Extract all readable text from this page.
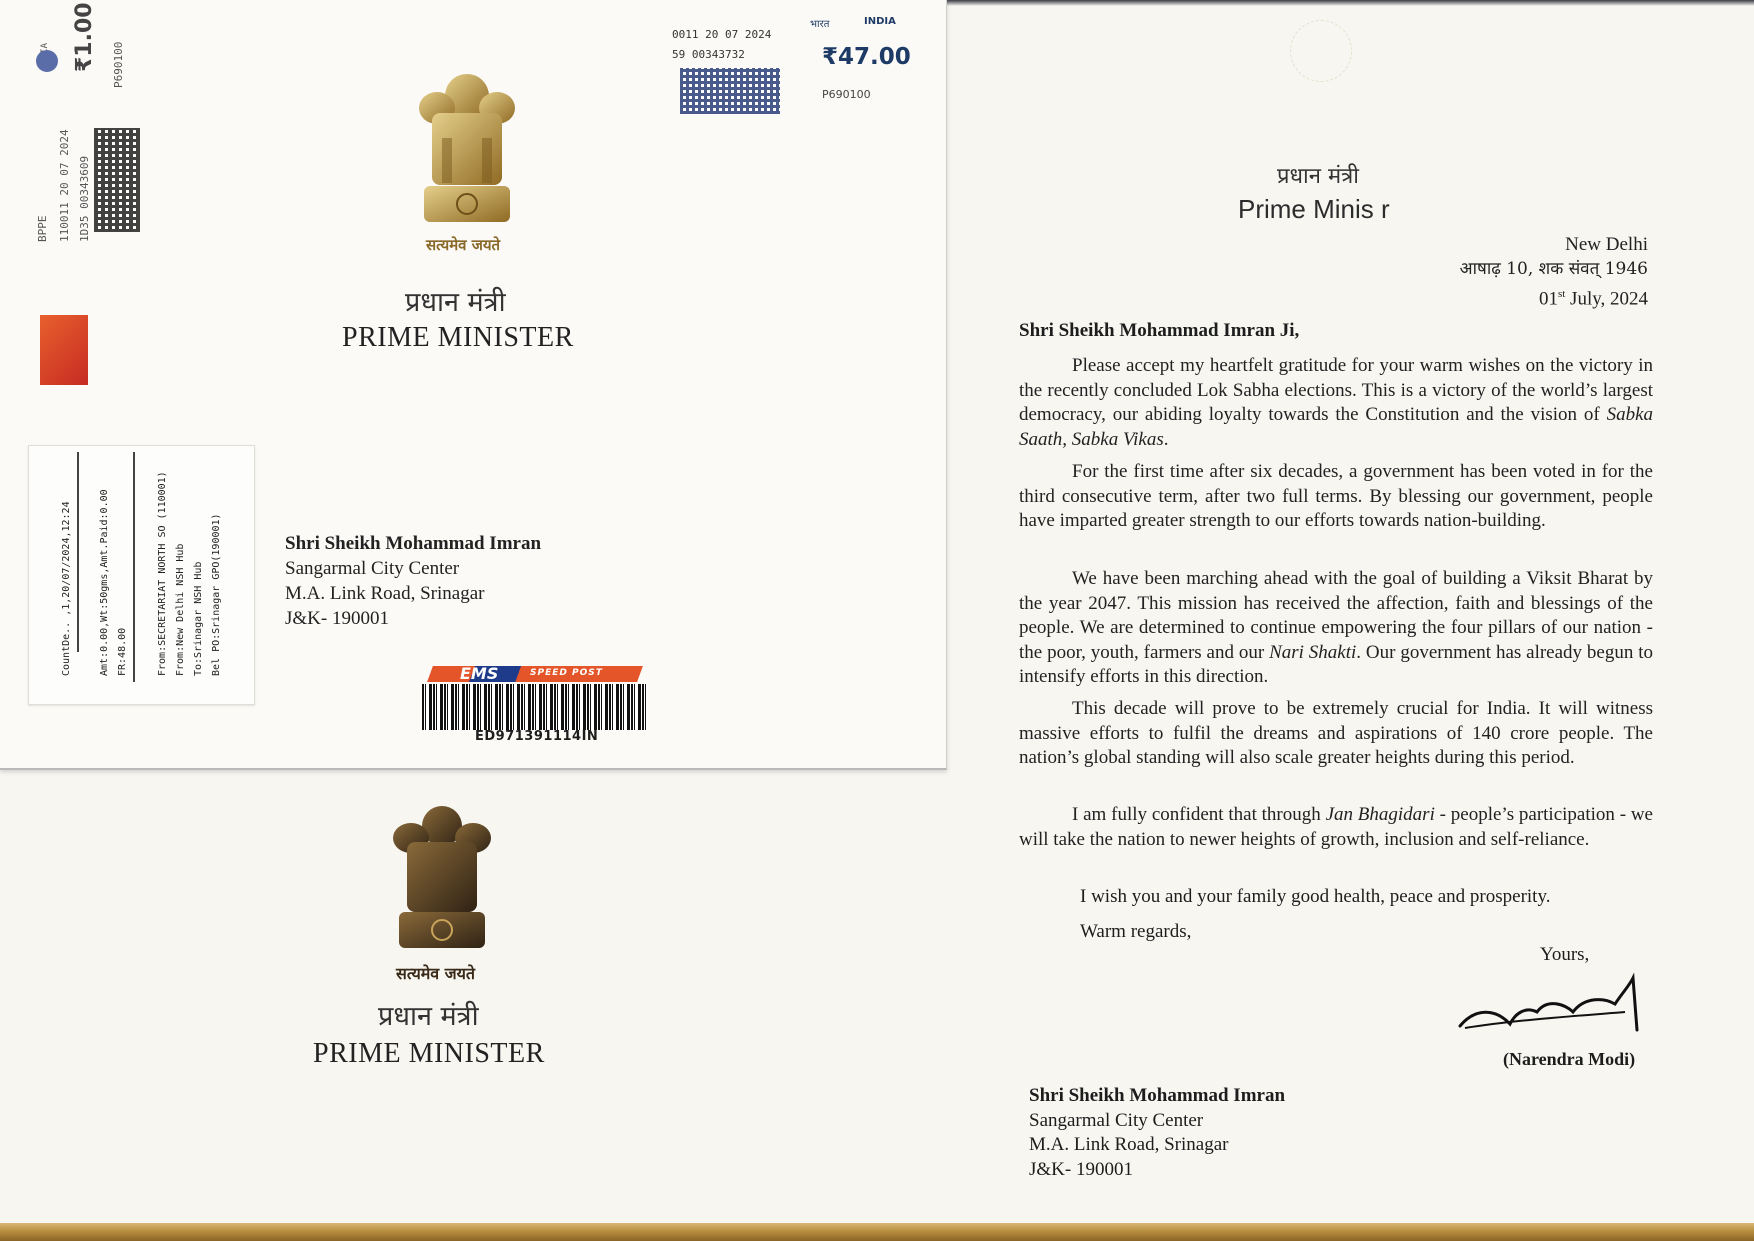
₹1.00 P690100
BPPE 110011 20 07 2024 1D35 00343609
0011 20 07 2024
59 00343732
भारत	INDIA
₹47.00
P690100
सत्यमेव जयते
प्रधान मंत्री
PRIME MINISTER
From:SECRETARIAT NORTH SO (110001) From:New Delhi NSH Hub To:Srinagar NSH Hub Bel PO:Srinagar GPO(190001)
Amt:0.00,Wt:50gms,Amt.Paid:0.00
CountDe.. ,1,20/07/2024,12:24	FR:48.00
Shri Sheikh Mohammad Imran
Sangarmal City Center
M.A. Link Road, Srinagar
J&K- 190001
EMS	SPEED POST
ED971391114IN
सत्यमेव जयते
प्रधान मंत्री
PRIME MINISTER
प्रधान मंत्री
Prime Minis r
New Delhi
आषाढ़ 10, शक संवत् 1946
01st July, 2024
Shri Sheikh Mohammad Imran Ji,
Please accept my heartfelt gratitude for your warm wishes on the victory in the recently concluded Lok Sabha elections. This is a victory of the world’s largest democracy, our abiding loyalty towards the Constitution and the vision of Sabka Saath, Sabka Vikas.
For the first time after six decades, a government has been voted in for the third consecutive term, after two full terms. By blessing our government, people have imparted greater strength to our efforts towards nation-building.
We have been marching ahead with the goal of building a Viksit Bharat by the year 2047. This mission has received the affection, faith and blessings of the people. We are determined to continue empowering the four pillars of our nation - the poor, youth, farmers and our Nari Shakti. Our government has already begun to intensify efforts in this direction.
This decade will prove to be extremely crucial for India. It will witness massive efforts to fulfil the dreams and aspirations of 140 crore people. The nation’s global standing will also scale greater heights during this period.
I am fully confident that through Jan Bhagidari - people’s participation - we will take the nation to newer heights of growth, inclusion and self-reliance.
I wish you and your family good health, peace and prosperity.
Warm regards,
Yours,
(Narendra Modi)
Shri Sheikh Mohammad Imran
Sangarmal City Center
M.A. Link Road, Srinagar
J&K- 190001
